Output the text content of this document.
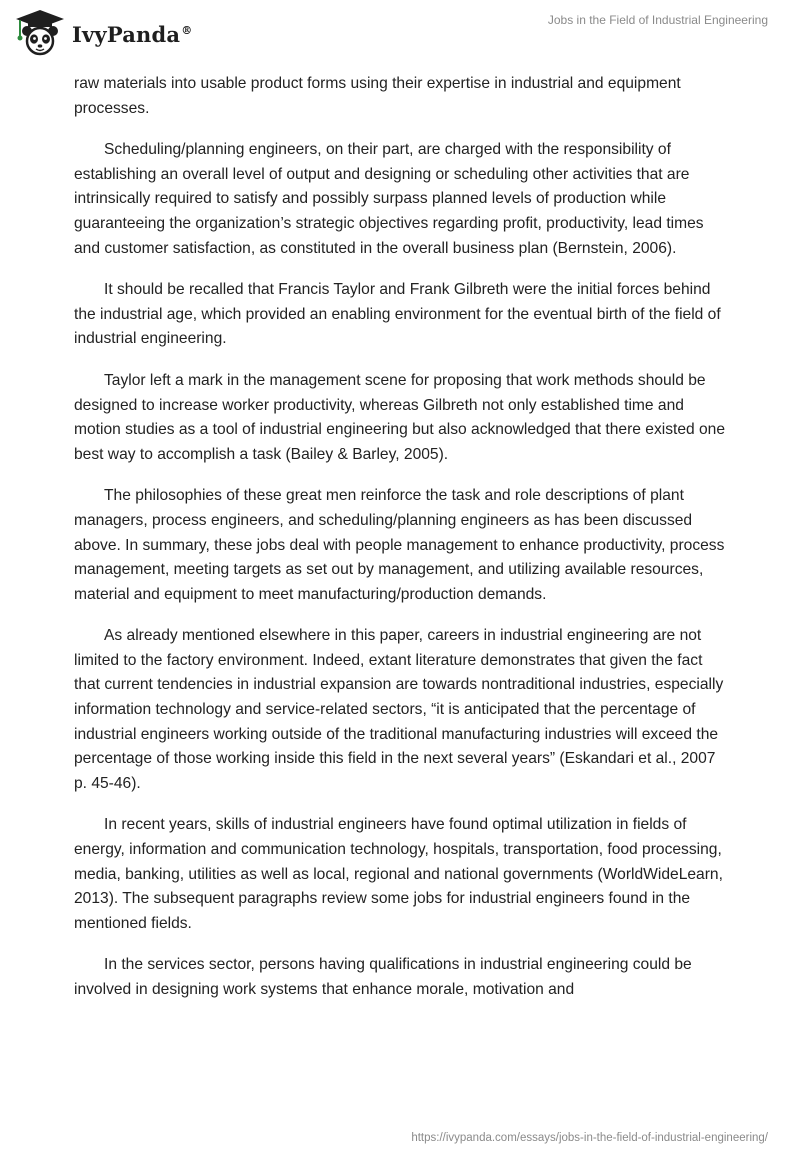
IvyPanda®
Jobs in the Field of Industrial Engineering

raw materials into usable product forms using their expertise in industrial and equipment processes.

Scheduling/planning engineers, on their part, are charged with the responsibility of establishing an overall level of output and designing or scheduling other activities that are intrinsically required to satisfy and possibly surpass planned levels of production while guaranteeing the organization’s strategic objectives regarding profit, productivity, lead times and customer satisfaction, as constituted in the overall business plan (Bernstein, 2006).

It should be recalled that Francis Taylor and Frank Gilbreth were the initial forces behind the industrial age, which provided an enabling environment for the eventual birth of the field of industrial engineering.

Taylor left a mark in the management scene for proposing that work methods should be designed to increase worker productivity, whereas Gilbreth not only established time and motion studies as a tool of industrial engineering but also acknowledged that there existed one best way to accomplish a task (Bailey & Barley, 2005).

The philosophies of these great men reinforce the task and role descriptions of plant managers, process engineers, and scheduling/planning engineers as has been discussed above. In summary, these jobs deal with people management to enhance productivity, process management, meeting targets as set out by management, and utilizing available resources, material and equipment to meet manufacturing/production demands.

As already mentioned elsewhere in this paper, careers in industrial engineering are not limited to the factory environment. Indeed, extant literature demonstrates that given the fact that current tendencies in industrial expansion are towards nontraditional industries, especially information technology and service-related sectors, “it is anticipated that the percentage of industrial engineers working outside of the traditional manufacturing industries will exceed the percentage of those working inside this field in the next several years” (Eskandari et al., 2007 p. 45-46).

In recent years, skills of industrial engineers have found optimal utilization in fields of energy, information and communication technology, hospitals, transportation, food processing, media, banking, utilities as well as local, regional and national governments (WorldWideLearn, 2013). The subsequent paragraphs review some jobs for industrial engineers found in the mentioned fields.

In the services sector, persons having qualifications in industrial engineering could be involved in designing work systems that enhance morale, motivation and

https://ivypanda.com/essays/jobs-in-the-field-of-industrial-engineering/
